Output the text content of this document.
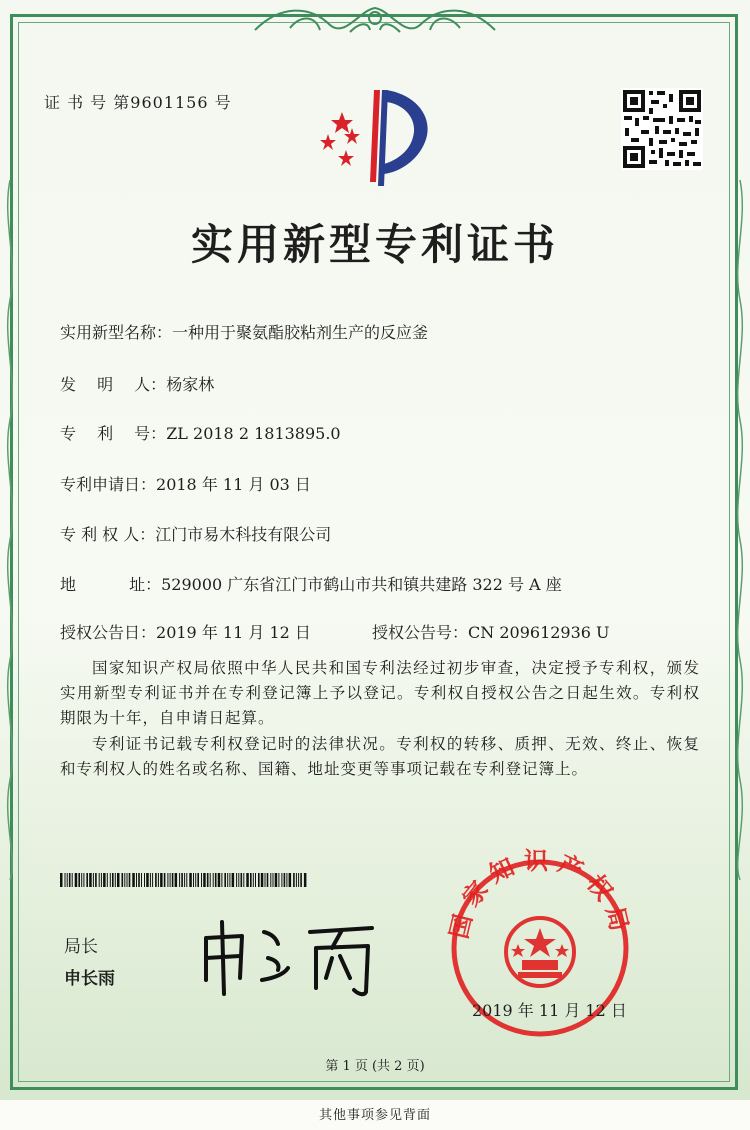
证 书 号 第9601156 号
实用新型专利证书
实用新型名称：一种用于聚氨酯胶粘剂生产的反应釜
发　 明　 人：杨家林
专　 利　 号：ZL 2018 2 1813895.0
专利申请日：2018 年 11 月 03 日
专 利 权 人：江门市易木科技有限公司
地　　　 址：529000 广东省江门市鹤山市共和镇共建路 322 号 A 座
授权公告日：2019 年 11 月 12 日	授权公告号：CN 209612936 U
国家知识产权局依照中华人民共和国专利法经过初步审查，决定授予专利权，颁发实用新型专利证书并在专利登记簿上予以登记。专利权自授权公告之日起生效。专利权期限为十年，自申请日起算。
专利证书记载专利权登记时的法律状况。专利权的转移、质押、无效、终止、恢复和专利权人的姓名或名称、国籍、地址变更等事项记载在专利登记簿上。
局长
申长雨
国家知识产权局
2019 年 11 月 12 日
第 1 页 (共 2 页)
其他事项参见背面
